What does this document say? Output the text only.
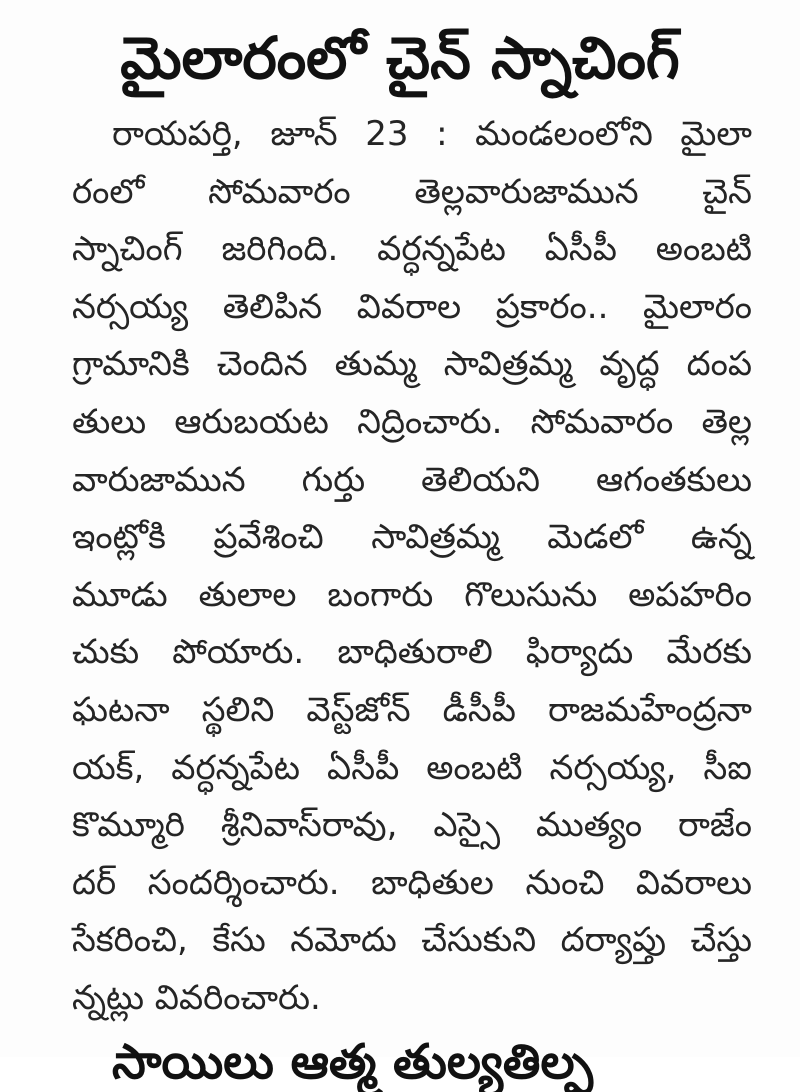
మైలారంలో చైన్‌ స్నాచింగ్‌
రాయపర్తి, జూన్‌ 23 : మండలంలోని మైలా
రంలో సోమవారం తెల్లవారుజామున చైన్‌
స్నాచింగ్‌ జరిగింది. వర్ధన్నపేట ఏసీపీ అంబటి
నర్సయ్య తెలిపిన వివరాల ప్రకారం.. మైలారం
గ్రామానికి చెందిన తుమ్మ సావిత్రమ్మ వృద్ధ దంప
తులు ఆరుబయట నిద్రించారు. సోమవారం తెల్ల
వారుజామున గుర్తు తెలియని ఆగంతకులు
ఇంట్లోకి ప్రవేశించి సావిత్రమ్మ మెడలో ఉన్న
మూడు తులాల బంగారు గొలుసును అపహరిం
చుకు పోయారు. బాధితురాలి ఫిర్యాదు మేరకు
ఘటనా స్థలిని వెస్ట్‌జోన్‌ డీసీపీ రాజమహేంద్రనా
యక్‌, వర్ధన్నపేట ఏసీపీ అంబటి నర్సయ్య, సీఐ
కొమ్మూరి శ్రీనివాస్‌రావు, ఎస్సై ముత్యం రాజేం
దర్‌ సందర్శించారు. బాధితుల నుంచి వివరాలు
సేకరించి, కేసు నమోదు చేసుకుని దర్యాప్తు చేస్తు
న్నట్లు వివరించారు.
సాయిలు ఆత్మ తుల్యతిల్ప
